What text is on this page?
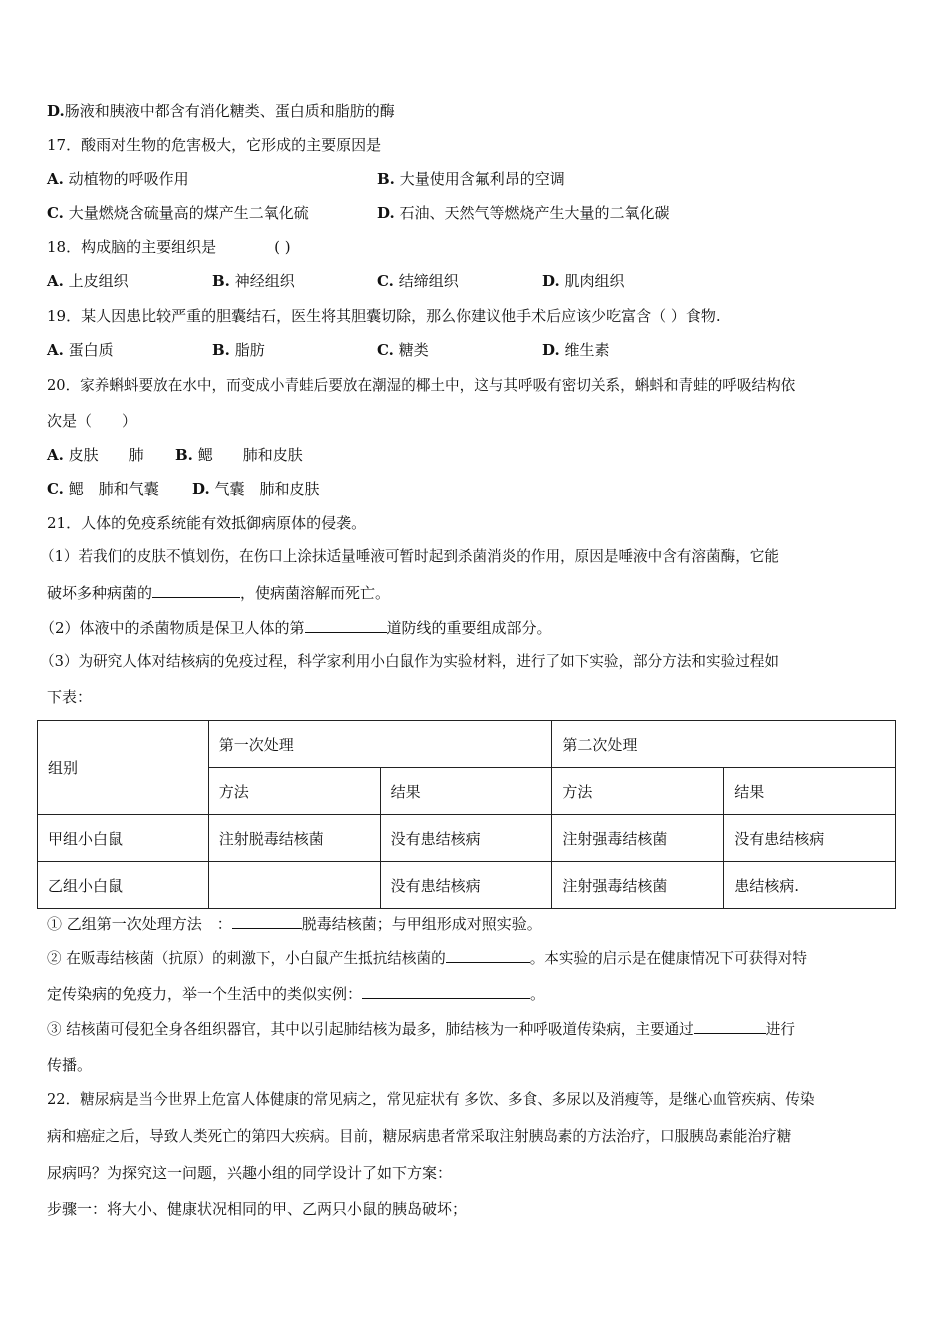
D.肠液和胰液中都含有消化糖类、蛋白质和脂肪的酶
17．酸雨对生物的危害极大，它形成的主要原因是
A. 动植物的呼吸作用	B. 大量使用含氟利昂的空调
C. 大量燃烧含硫量高的煤产生二氧化硫	D. 石油、天然气等燃烧产生大量的二氧化碳
18．构成脑的主要组织是	( )
A. 上皮组织	B. 神经组织	C. 结缔组织	D. 肌肉组织
19．某人因患比较严重的胆囊结石，医生将其胆囊切除，那么你建议他手术后应该少吃富含（ ）食物.
A. 蛋白质	B. 脂肪	C. 糖类	D. 维生素
20．家养蝌蚪要放在水中，而变成小青蛙后要放在潮湿的椰土中，这与其呼吸有密切关系，蝌蚪和青蛙的呼吸结构依
次是（　　）
A. 皮肤　　肺 B. 鳃　　肺和皮肤
C. 鳃　肺和气囊 D. 气囊　肺和皮肤
21．人体的免疫系统能有效抵御病原体的侵袭。
（1）若我们的皮肤不慎划伤，在伤口上涂抹适量唾液可暂时起到杀菌消炎的作用，原因是唾液中含有溶菌酶，它能
破坏多种病菌的	，使病菌溶解而死亡。
（2）体液中的杀菌物质是保卫人体的第	道防线的重要组成部分。
（3）为研究人体对结核病的免疫过程，科学家利用小白鼠作为实验材料，进行了如下实验，部分方法和实验过程如
下表：
组别	第一次处理		第二次处理	
	方法	结果	方法	结果
甲组小白鼠	注射脱毒结核菌	没有患结核病	注射强毒结核菌	没有患结核病
乙组小白鼠		没有患结核病	注射强毒结核菌	患结核病.
① 乙组第一次处理方法　：	脱毒结核菌；与甲组形成对照实验。
② 在贩毒结核菌（抗原）的刺激下，小白鼠产生抵抗结核菌的	。本实验的启示是在健康情况下可获得对特
定传染病的免疫力，举一个生活中的类似实例：	。
③ 结核菌可侵犯全身各组织器官，其中以引起肺结核为最多，肺结核为一种呼吸道传染病，主要通过	进行
传播。
22．糖尿病是当今世界上危富人体健康的常见病之，常见症状有 多饮、多食、多尿以及消瘦等，是继心血管疾病、传染
病和癌症之后，导致人类死亡的第四大疾病。目前，糖尿病患者常采取注射胰岛素的方法治疗，口服胰岛素能治疗糖
尿病吗？为探究这一问题，兴趣小组的同学设计了如下方案：
步骤一：将大小、健康状况相同的甲、乙两只小鼠的胰岛破坏；
